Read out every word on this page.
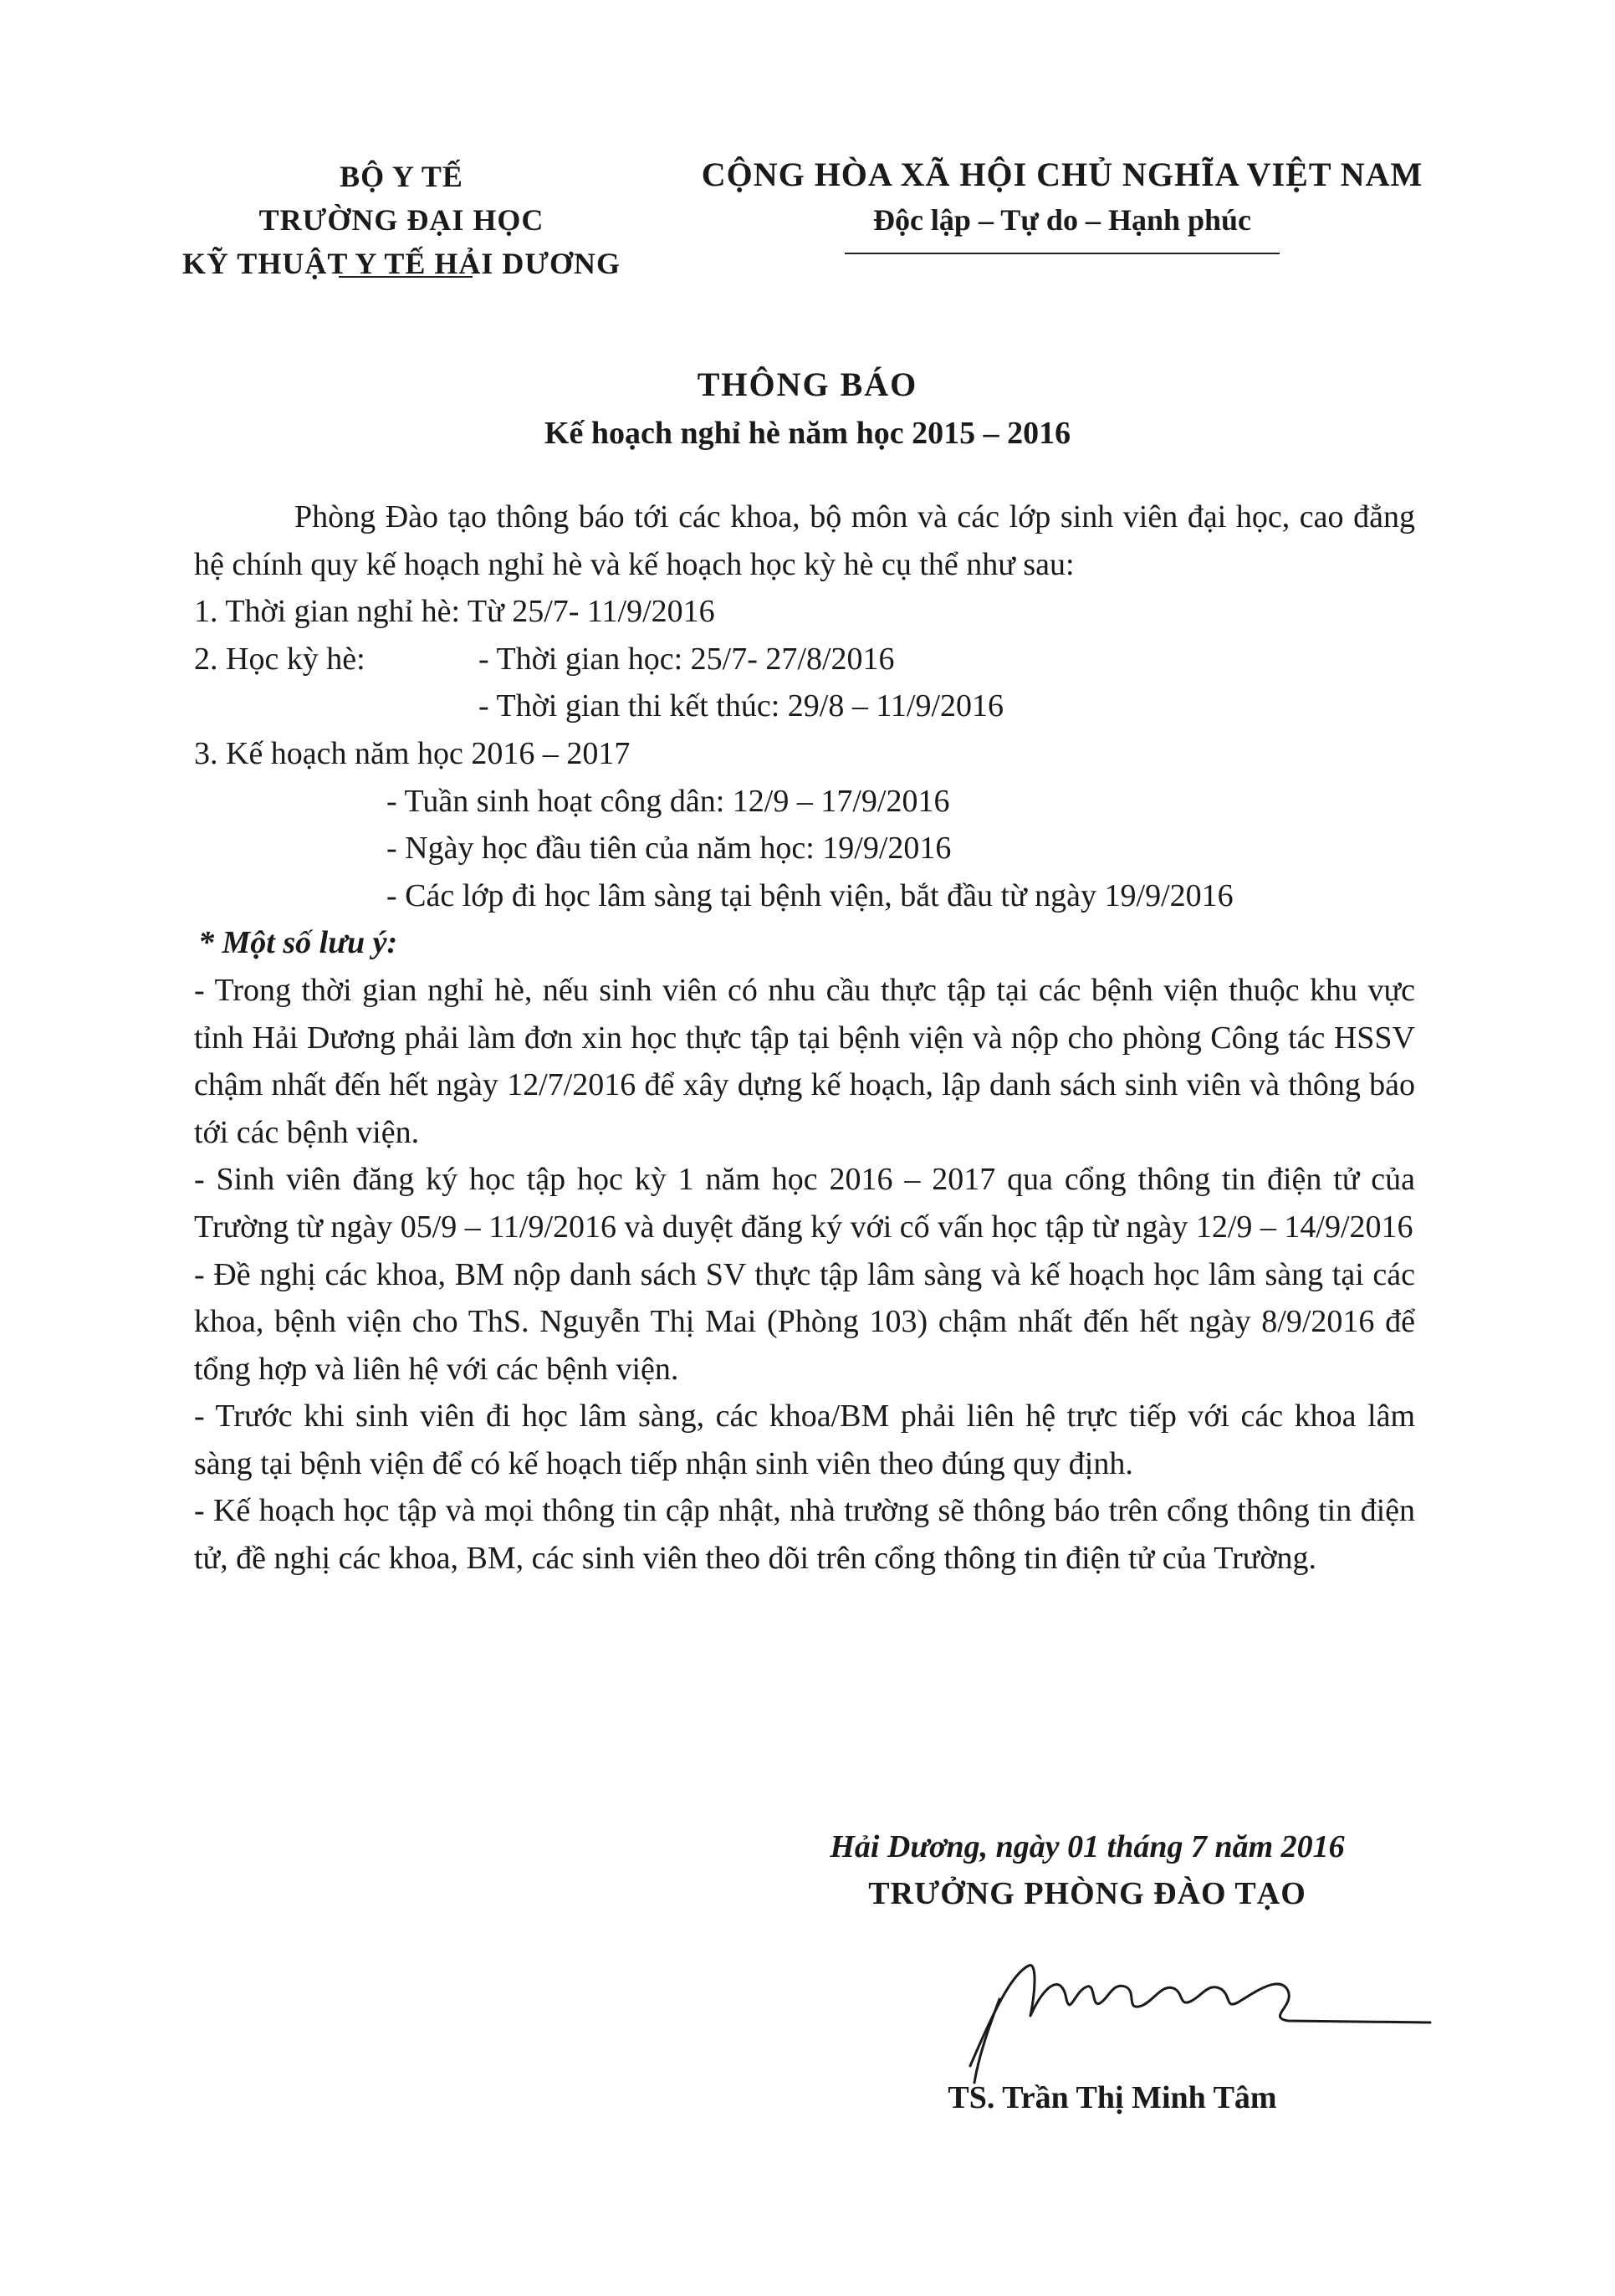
BỘ Y TẾ
TRƯỜNG ĐẠI HỌC
KỸ THUẬT Y TẾ HẢI DƯƠNG
CỘNG HÒA XÃ HỘI CHỦ NGHĨA VIỆT NAM
Độc lập – Tự do – Hạnh phúc
THÔNG BÁO
Kế hoạch nghỉ hè năm học 2015 – 2016

Phòng Đào tạo thông báo tới các khoa, bộ môn và các lớp sinh viên đại học, cao đẳng hệ chính quy kế hoạch nghỉ hè và kế hoạch học kỳ hè cụ thể như sau:

1. Thời gian nghỉ hè: Từ 25/7- 11/9/2016

2. Học kỳ hè:	- Thời gian học: 25/7- 27/8/2016

- Thời gian thi kết thúc: 29/8 – 11/9/2016

3. Kế hoạch năm học 2016 – 2017

- Tuần sinh hoạt công dân: 12/9 – 17/9/2016

- Ngày học đầu tiên của năm học: 19/9/2016

- Các lớp đi học lâm sàng tại bệnh viện, bắt đầu từ ngày 19/9/2016

* Một số lưu ý:

- Trong thời gian nghỉ hè, nếu sinh viên có nhu cầu thực tập tại các bệnh viện thuộc khu vực tỉnh Hải Dương phải làm đơn xin học thực tập tại bệnh viện và nộp cho phòng Công tác HSSV chậm nhất đến hết ngày 12/7/2016 để xây dựng kế hoạch, lập danh sách sinh viên và thông báo tới các bệnh viện.

- Sinh viên đăng ký học tập học kỳ 1 năm học 2016 – 2017 qua cổng thông tin điện tử của Trường từ ngày 05/9 – 11/9/2016 và duyệt đăng ký với cố vấn học tập từ ngày 12/9 – 14/9/2016

- Đề nghị các khoa, BM nộp danh sách SV thực tập lâm sàng và kế hoạch học lâm sàng tại các khoa, bệnh viện cho ThS. Nguyễn Thị Mai (Phòng 103) chậm nhất đến hết ngày 8/9/2016 để tổng hợp và liên hệ với các bệnh viện.

- Trước khi sinh viên đi học lâm sàng, các khoa/BM phải liên hệ trực tiếp với các khoa lâm sàng tại bệnh viện để có kế hoạch tiếp nhận sinh viên theo đúng quy định.

- Kế hoạch học tập và mọi thông tin cập nhật, nhà trường sẽ thông báo trên cổng thông tin điện tử, đề nghị các khoa, BM, các sinh viên theo dõi trên cổng thông tin điện tử của Trường.

Hải Dương, ngày 01 tháng 7 năm 2016
TRƯỞNG PHÒNG ĐÀO TẠO
TS. Trần Thị Minh Tâm
